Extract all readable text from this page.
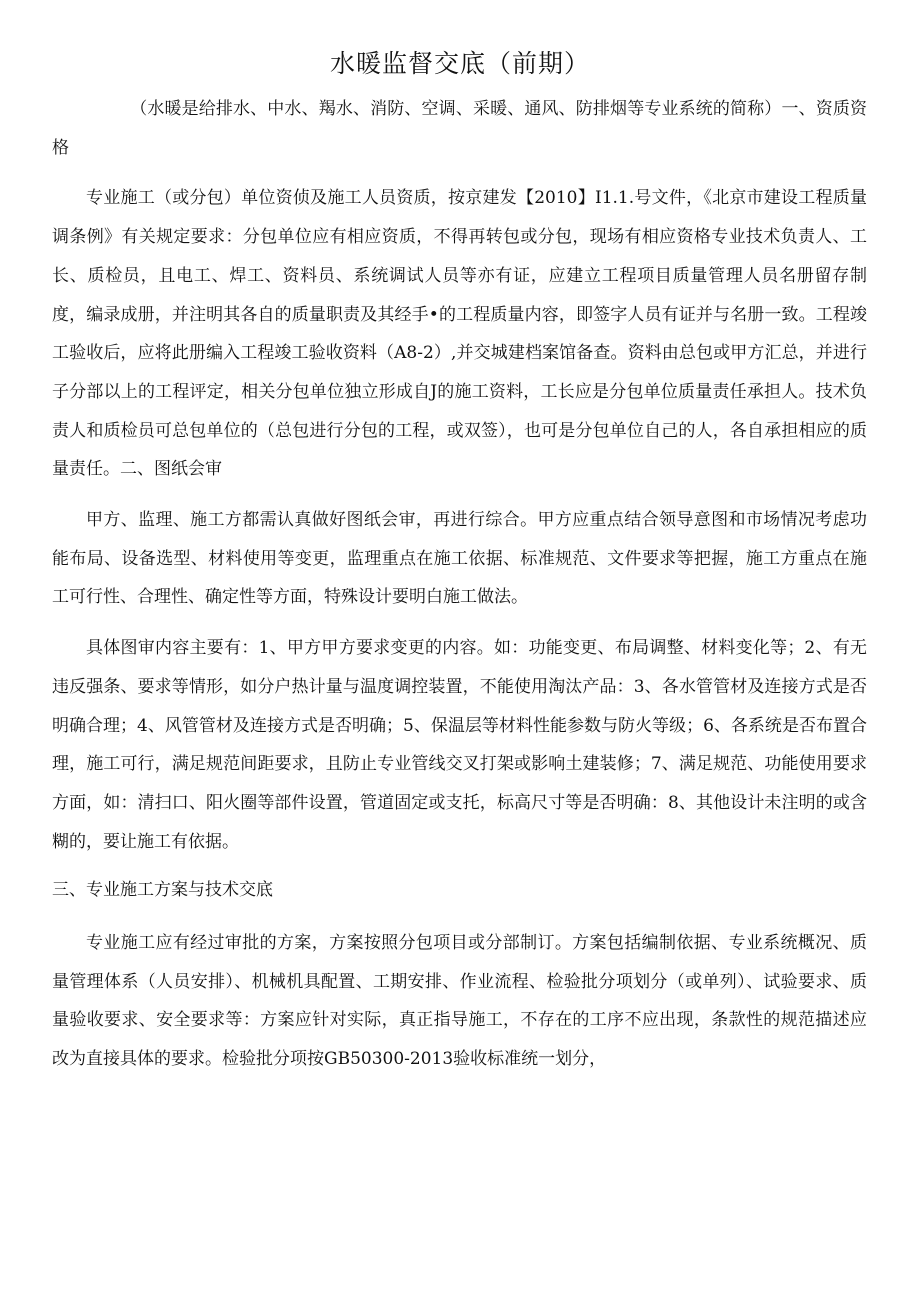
水暖监督交底（前期）

（水暖是给排水、中水、羯水、消防、空调、采暖、通风、防排烟等专业系统的简称）一、资质资格

专业施工（或分包）单位资侦及施工人员资质，按京建发【2010】I1.1.号文件，《北京市建设工程质量调条例》有关规定要求：分包单位应有相应资质，不得再转包或分包，现场有相应资格专业技术负责人、工长、质检员，且电工、焊工、资料员、系统调试人员等亦有证，应建立工程项目质量管理人员名册留存制度，编录成册，并注明其各自的质量职责及其经手•的工程质量内容，即签字人员有证并与名册一致。工程竣工验收后，应将此册编入工程竣工验收资料（A8-2）,并交城建档案馆备查。资料由总包或甲方汇总，并进行子分部以上的工程评定，相关分包单位独立形成自J的施工资料，工长应是分包单位质量责任承担人。技术负责人和质检员可总包单位的（总包进行分包的工程，或双签），也可是分包单位自己的人，各自承担相应的质量责任。二、图纸会审

甲方、监理、施工方都需认真做好图纸会审，再进行综合。甲方应重点结合领导意图和市场情况考虑功能布局、设备选型、材料使用等变更，监理重点在施工依据、标准规范、文件要求等把握，施工方重点在施工可行性、合理性、确定性等方面，特殊设计要明白施工做法。

具体图审内容主要有：1、甲方甲方要求变更的内容。如：功能变更、布局调整、材料变化等；2、有无违反强条、要求等情形，如分户热计量与温度调控装置，不能使用淘汰产品：3、各水管管材及连接方式是否明确合理；4、风管管材及连接方式是否明确；5、保温层等材料性能参数与防火等级；6、各系统是否布置合理，施工可行，满足规范间距要求，且防止专业管线交叉打架或影响土建装修；7、满足规范、功能使用要求方面，如：清扫口、阳火圈等部件设置，管道固定或支托，标高尺寸等是否明确：8、其他设计未注明的或含糊的，要让施工有依据。

三、专业施工方案与技术交底

专业施工应有经过审批的方案，方案按照分包项目或分部制订。方案包括编制依据、专业系统概况、质量管理体系（人员安排）、机械机具配置、工期安排、作业流程、检验批分项划分（或单列）、试验要求、质量验收要求、安全要求等：方案应针对实际，真正指导施工，不存在的工序不应出现，条款性的规范描述应改为直接具体的要求。检验批分项按GB50300-2013验收标准统一划分，
